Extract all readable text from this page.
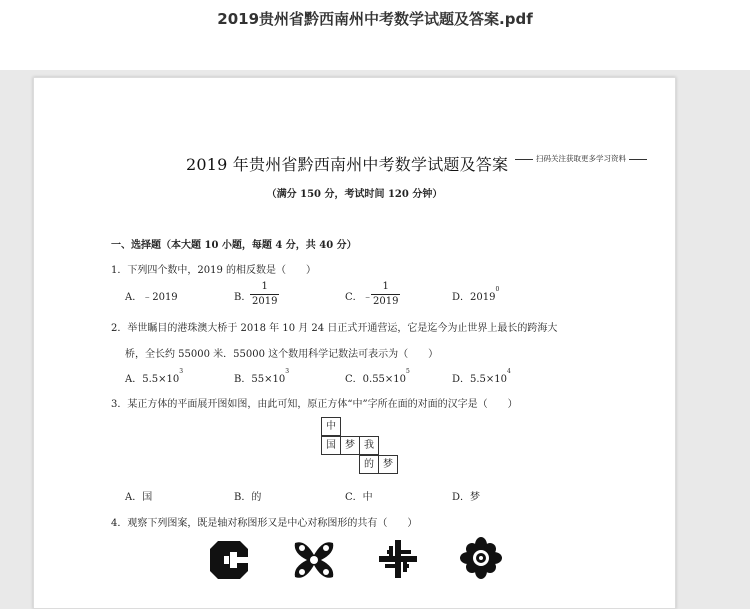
2019贵州省黔西南州中考数学试题及答案.pdf
2019 年贵州省黔西南州中考数学试题及答案	扫码关注获取更多学习资料
（满分 150 分，考试时间 120 分钟）
一、选择题（本大题 10 小题，每题 4 分，共 40 分）
1．下列四个数中，2019 的相反数是（　　）
A．﹣2019	B．
$\frac{1}{2019}$	C．﹣
$\frac{1}{2019}$	D．2019$^0$
2．举世瞩目的港珠澳大桥于 2018 年 10 月 24 日正式开通营运，它是迄今为止世界上最长的跨海大
桥，全长约 55000 米．55000 这个数用科学记数法可表示为（　　）
A．$5.5\times 10^3$
B．$55\times 10^3$
C．$0.55\times 10^5$
D．$5.5\times 10^4$
3．某正方体的平面展开图如图，由此可知，原正方体“中”字所在面的对面的汉字是（　　）
中
国 梦 我
的 梦
A．国	B．的	C．中	D．梦
4．观察下列图案，既是轴对称图形又是中心对称图形的共有（　　）
